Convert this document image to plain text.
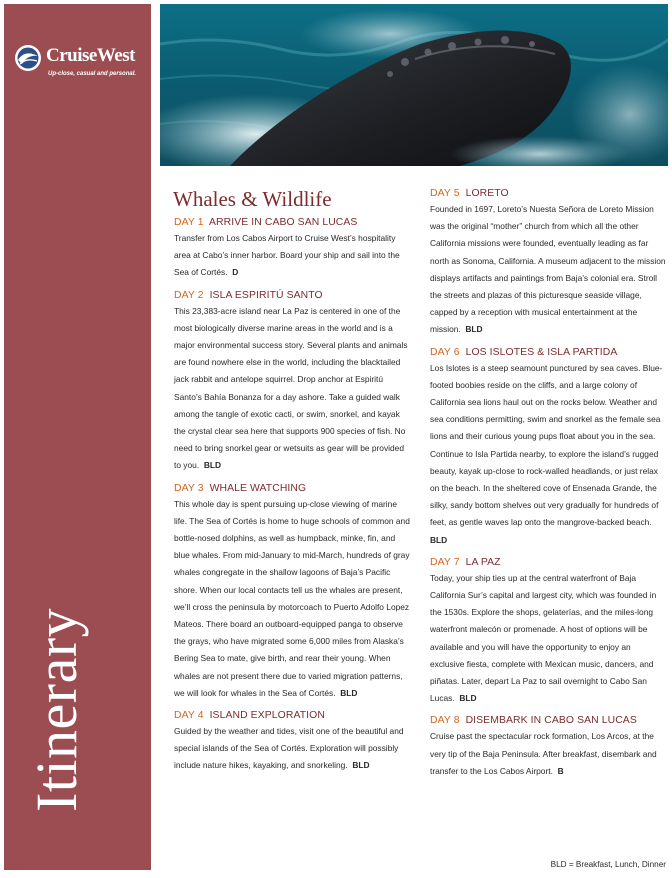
CruiseWest
Up-close, casual and personal.
Itinerary
Whales & Wildlife
DAY 1 ARRIVE IN CABO SAN LUCAS
Transfer from Los Cabos Airport to Cruise West’s hospitality area at Cabo’s inner harbor. Board your ship and sail into the Sea of Cortés. D
DAY 2 ISLA ESPIRITÚ SANTO
This 23,383-acre island near La Paz is centered in one of the most biologically diverse marine areas in the world and is a major environmental success story. Several plants and animals are found nowhere else in the world, including the blacktailed jack rabbit and antelope squirrel. Drop anchor at Espiritú Santo’s Bahía Bonanza for a day ashore. Take a guided walk among the tangle of exotic cacti, or swim, snorkel, and kayak the crystal clear sea here that supports 900 species of fish. No need to bring snorkel gear or wetsuits as gear will be provided to you. BLD
DAY 3 WHALE WATCHING
This whole day is spent pursuing up-close viewing of marine life. The Sea of Cortés is home to huge schools of common and bottle-nosed dolphins, as well as humpback, minke, fin, and blue whales. From mid-January to mid-March, hundreds of gray whales congregate in the shallow lagoons of Baja’s Pacific shore. When our local contacts tell us the whales are present, we’ll cross the peninsula by motorcoach to Puerto Adolfo Lopez Mateos. There board an outboard-equipped panga to observe the grays, who have migrated some 6,000 miles from Alaska’s Bering Sea to mate, give birth, and rear their young. When whales are not present there due to varied migration patterns, we will look for whales in the Sea of Cortés. BLD
DAY 4 ISLAND EXPLORATION
Guided by the weather and tides, visit one of the beautiful and special islands of the Sea of Cortés. Exploration will possibly include nature hikes, kayaking, and snorkeling. BLD
DAY 5 LORETO
Founded in 1697, Loreto’s Nuesta Señora de Loreto Mission was the original “mother” church from which all the other California missions were founded, eventually leading as far north as Sonoma, California. A museum adjacent to the mission displays artifacts and paintings from Baja’s colonial era. Stroll the streets and plazas of this picturesque seaside village, capped by a reception with musical entertainment at the mission. BLD
DAY 6 LOS ISLOTES & ISLA PARTIDA
Los Islotes is a steep seamount punctured by sea caves. Blue-footed boobies reside on the cliffs, and a large colony of California sea lions haul out on the rocks below. Weather and sea conditions permitting, swim and snorkel as the female sea lions and their curious young pups float about you in the sea. Continue to Isla Partida nearby, to explore the island’s rugged beauty, kayak up-close to rock-walled headlands, or just relax on the beach. In the sheltered cove of Ensenada Grande, the silky, sandy bottom shelves out very gradually for hundreds of feet, as gentle waves lap onto the mangrove-backed beach.  BLD
DAY 7 LA PAZ
Today, your ship ties up at the central waterfront of Baja California Sur’s capital and largest city, which was founded in the 1530s. Explore the shops, gelaterías, and the miles-long waterfront malecón or promenade. A host of options will be available and you will have the opportunity to enjoy an exclusive fiesta, complete with Mexican music, dancers, and piñatas. Later, depart La Paz to sail overnight to Cabo San Lucas. BLD
DAY 8 DISEMBARK IN CABO SAN LUCAS
Cruise past the spectacular rock formation, Los Arcos, at the very tip of the Baja Peninsula. After breakfast, disembark and transfer to the Los Cabos Airport. B
BLD = Breakfast, Lunch, Dinner
